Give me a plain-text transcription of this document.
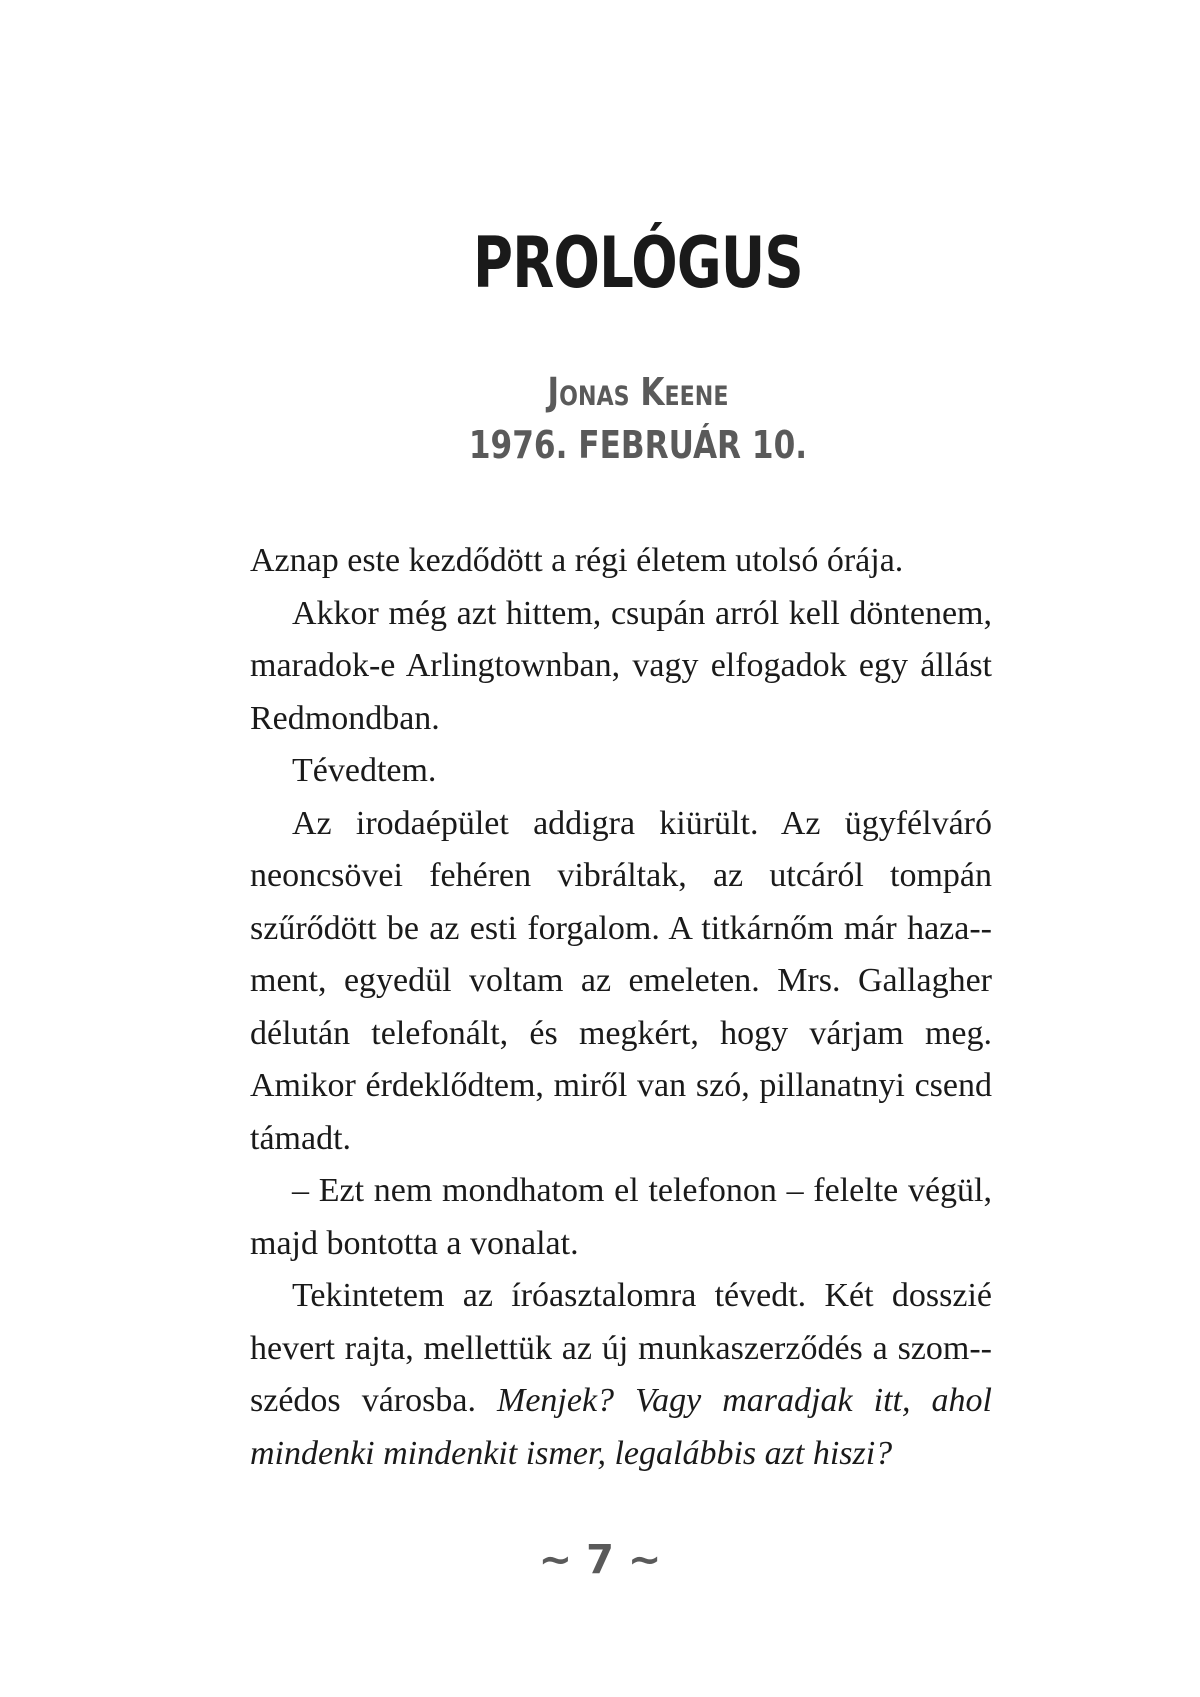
PROLÓGUS
Jonas Keene
1976. FEBRUÁR 10.

Aznap este kezdődött a régi életem utolsó órája.

Akkor még azt hittem, csupán arról kell döntenem, maradok-e Arlingtownban, vagy elfogadok egy állást Redmondban.

Tévedtem.

Az irodaépület addigra kiürült. Az ügyfélváró neoncsövei fehéren vibráltak, az utcáról tompán szűrődött be az esti forgalom. A titkárnőm már haza-ment, egyedül voltam az emeleten. Mrs. Gallagher délután telefonált, és megkért, hogy várjam meg. Amikor érdeklődtem, miről van szó, pillanatnyi csend támadt.

– Ezt nem mondhatom el telefonon – felelte végül, majd bontotta a vonalat.

Tekintetem az íróasztalomra tévedt. Két dosszié hevert rajta, mellettük az új munkaszerződés a szom-szédos városba. Menjek? Vagy maradjak itt, ahol mindenki mindenkit ismer, legalábbis azt hiszi?

~ 7 ~
